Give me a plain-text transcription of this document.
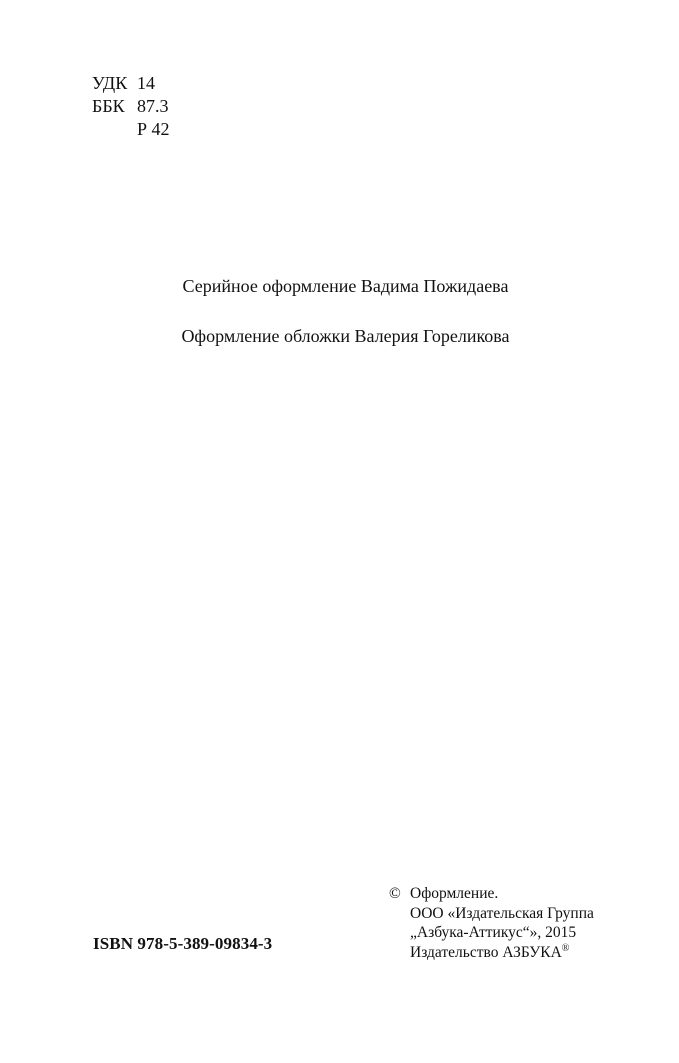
УДК 14
ББК 87.3
Р 42
Серийное оформление Вадима Пожидаева
Оформление обложки Валерия Гореликова
ISBN 978-5-389-09834-3
© Оформление.
ООО «Издательская Группа
„Азбука-Аттикус“», 2015
Издательство АЗБУКА®
